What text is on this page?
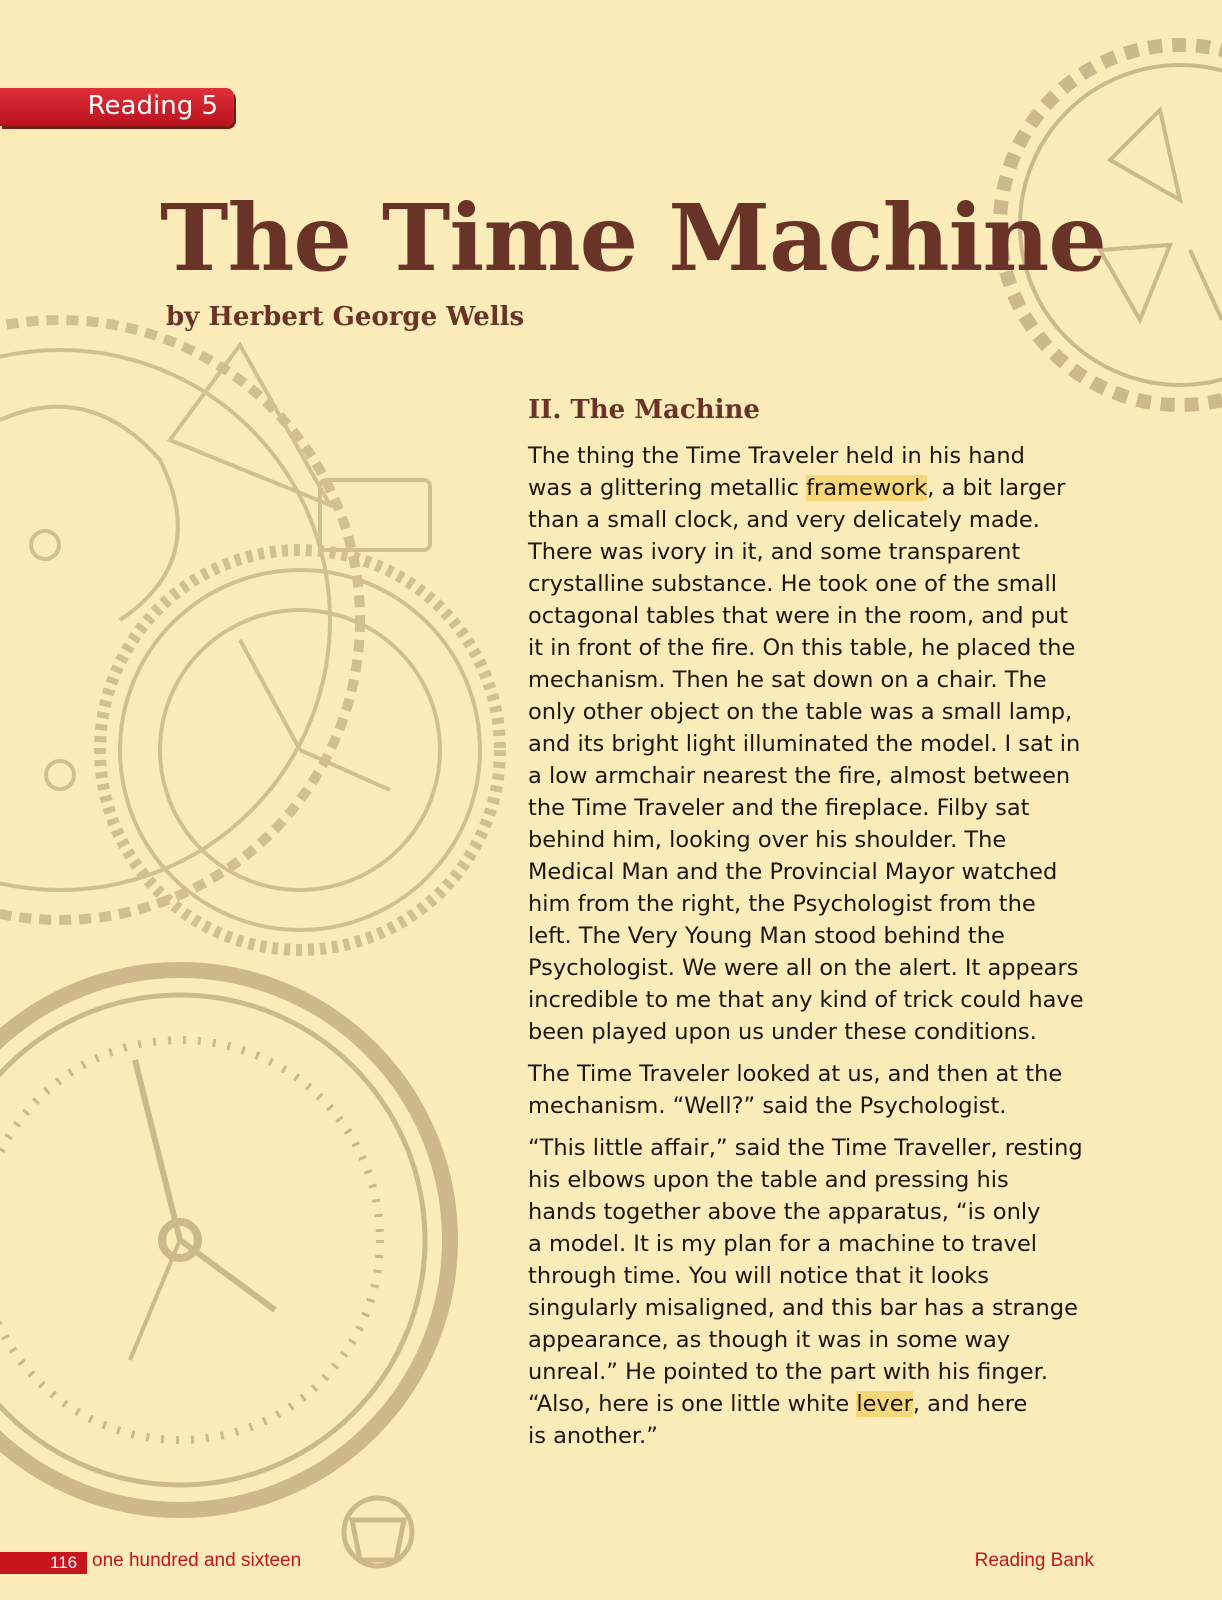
Reading 5
The Time Machine
by Herbert George Wells
II. The Machine

The thing the Time Traveler held in his hand
was a glittering metallic framework, a bit larger
than a small clock, and very delicately made.
There was ivory in it, and some transparent
crystalline substance. He took one of the small
octagonal tables that were in the room, and put
it in front of the fire. On this table, he placed the
mechanism. Then he sat down on a chair. The
only other object on the table was a small lamp,
and its bright light illuminated the model. I sat in
a low armchair nearest the fire, almost between
the Time Traveler and the fireplace. Filby sat
behind him, looking over his shoulder. The
Medical Man and the Provincial Mayor watched
him from the right, the Psychologist from the
left. The Very Young Man stood behind the
Psychologist. We were all on the alert. It appears
incredible to me that any kind of trick could have
been played upon us under these conditions.

The Time Traveler looked at us, and then at the
mechanism. “Well?” said the Psychologist.

“This little affair,” said the Time Traveller, resting
his elbows upon the table and pressing his
hands together above the apparatus, “is only
a model. It is my plan for a machine to travel
through time. You will notice that it looks
singularly misaligned, and this bar has a strange
appearance, as though it was in some way
unreal.” He pointed to the part with his finger.
“Also, here is one little white lever, and here
is another.”

116 one hundred and sixteen	Reading Bank
